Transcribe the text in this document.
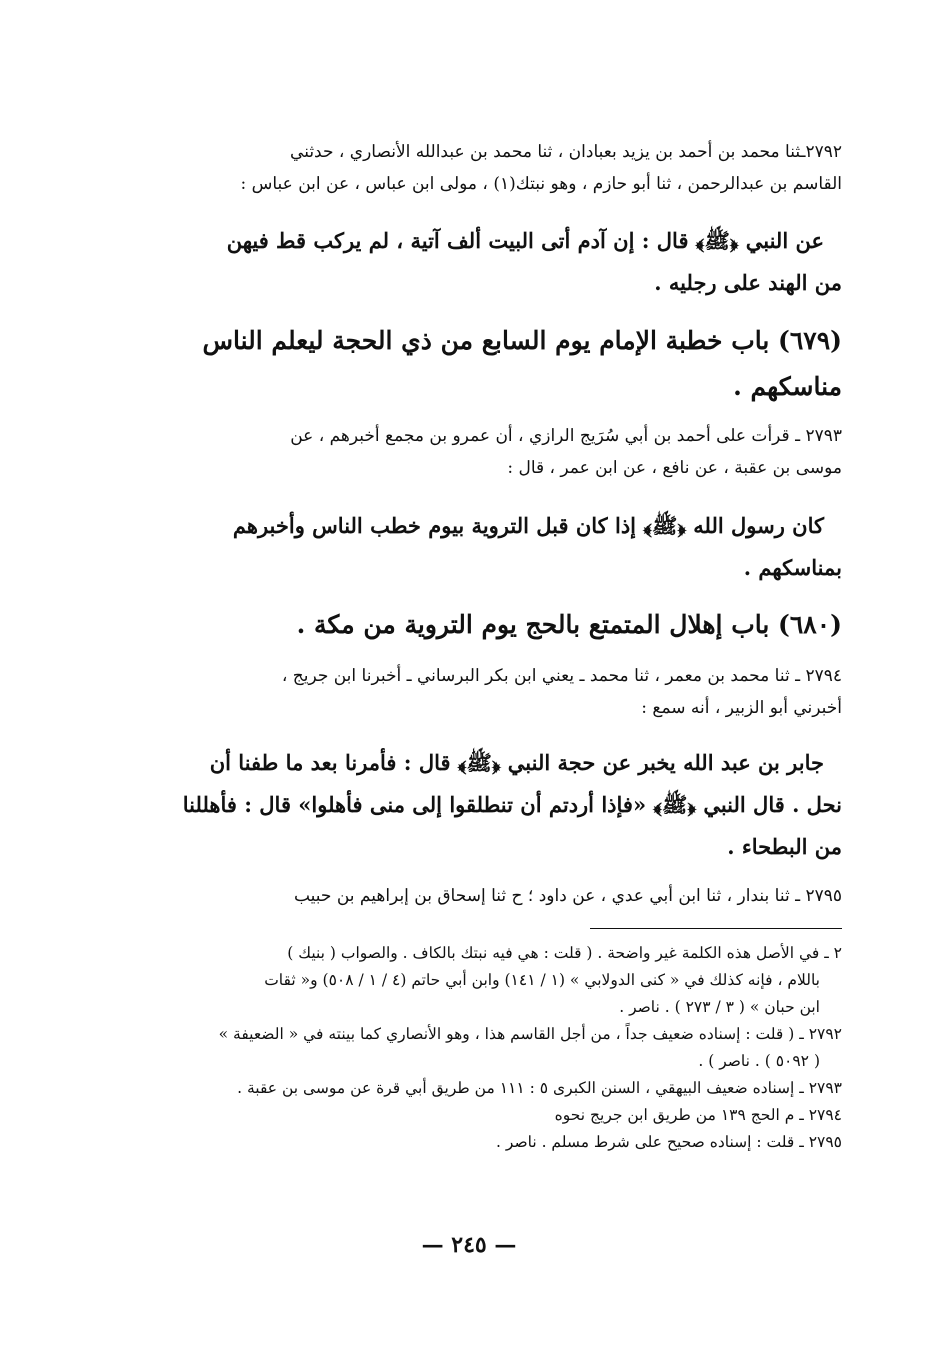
٢٧٩٢ـثنا محمد بن أحمد بن يزيد بعبادان ، ثنا محمد بن عبدالله الأنصاري ، حدثني
القاسم بن عبدالرحمن ، ثنا أبو حازم ، وهو نبتك(١) ، مولى ابن عباس ، عن ابن عباس :
عن النبي ﴿ﷺ﴾ قال : إن آدم أتى البيت ألف آتية ، لم يركب قط فيهن
من الهند على رجليه .
(٦٧٩) باب خطبة الإمام يوم السابع من ذي الحجة ليعلم الناس
مناسكهم .
٢٧٩٣ ـ قرأت على أحمد بن أبي سُرَيج الرازي ، أن عمرو بن مجمع أخبرهم ، عن
موسى بن عقبة ، عن نافع ، عن ابن عمر ، قال :
كان رسول الله ﴿ﷺ﴾ إذا كان قبل التروية بيوم خطب الناس وأخبرهم
بمناسكهم .
(٦٨٠) باب إهلال المتمتع بالحج يوم التروية من مكة .
٢٧٩٤ ـ ثنا محمد بن معمر ، ثنا محمد ـ يعني ابن بكر البرساني ـ أخبرنا ابن جريج ،
أخبرني أبو الزبير ، أنه سمع :
جابر بن عبد الله يخبر عن حجة النبي ﴿ﷺ﴾ قال : فأمرنا بعد ما طفنا أن
نحل . قال النبي ﴿ﷺ﴾ «فإذا أردتم أن تنطلقوا إلى منى فأهلوا» قال : فأهللنا
من البطحاء .
٢٧٩٥ ـ ثنا بندار ، ثنا ابن أبي عدي ، عن داود ؛ ح ثنا إسحاق بن إبراهيم بن حبيب
٢ ـ في الأصل هذه الكلمة غير واضحة . ( قلت : هي فيه نبتك بالكاف . والصواب ( بنيك )
باللام ، فإنه كذلك في « كنى الدولابي » (١ / ١٤١) وابن أبي حاتم (٤ / ١ / ٥٠٨) و« ثقات
ابن حبان » ( ٣ / ٢٧٣ ) . ناصر .
٢٧٩٢ ـ ( قلت : إسناده ضعيف جداً ، من أجل القاسم هذا ، وهو الأنصاري كما بينته في « الضعيفة »
( ٥٠٩٢ ) . ناصر ) .
٢٧٩٣ ـ إسناده ضعيف البيهقي ، السنن الكبرى ٥ : ١١١ من طريق أبي قرة عن موسى بن عقبة .
٢٧٩٤ ـ م الحج ١٣٩ من طريق ابن جريج نحوه
٢٧٩٥ ـ قلت : إسناده صحيح على شرط مسلم . ناصر .
— ٢٤٥ —
